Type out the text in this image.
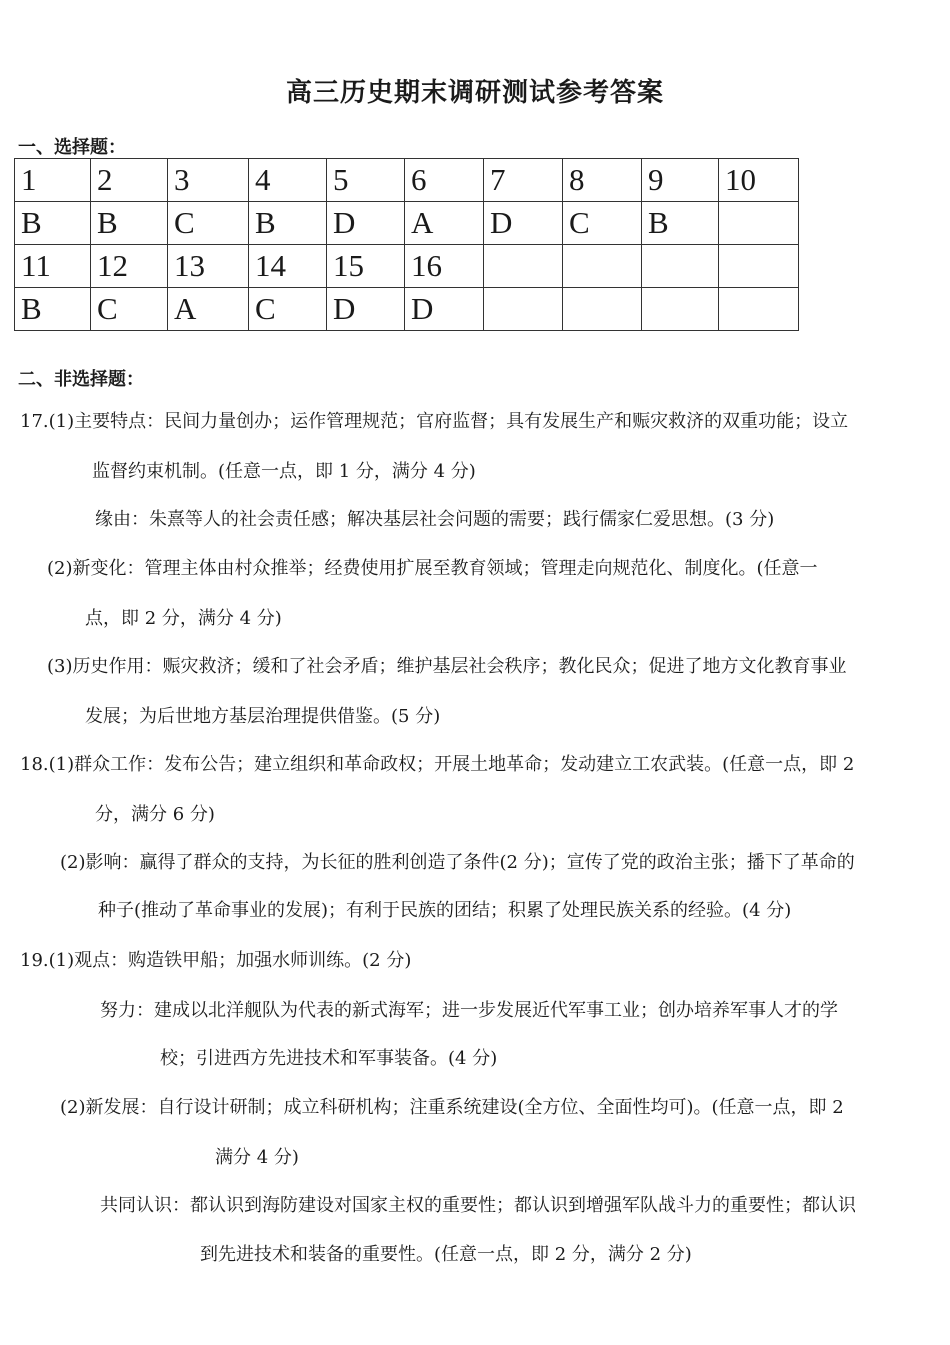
高三历史期末调研测试参考答案
一、选择题：
1	2	3	4	5	6	7	8	9	10
B	B	C	B	D	A	D	C	B	
11	12	13	14	15	16				
B	C	A	C	D	D				
二、非选择题：
17.(1)主要特点：民间力量创办；运作管理规范；官府监督；具有发展生产和赈灾救济的双重功能；设立
监督约束机制。(任意一点，即 1 分，满分 4 分)
缘由：朱熹等人的社会责任感；解决基层社会问题的需要；践行儒家仁爱思想。(3 分)
(2)新变化：管理主体由村众推举；经费使用扩展至教育领域；管理走向规范化、制度化。(任意一
点，即 2 分，满分 4 分)
(3)历史作用：赈灾救济；缓和了社会矛盾；维护基层社会秩序；教化民众；促进了地方文化教育事业
发展；为后世地方基层治理提供借鉴。(5 分)
18.(1)群众工作：发布公告；建立组织和革命政权；开展土地革命；发动建立工农武装。(任意一点，即 2
分，满分 6 分)
(2)影响：赢得了群众的支持，为长征的胜利创造了条件(2 分)；宣传了党的政治主张；播下了革命的
种子(推动了革命事业的发展)；有利于民族的团结；积累了处理民族关系的经验。(4 分)
19.(1)观点：购造铁甲船；加强水师训练。(2 分)
努力：建成以北洋舰队为代表的新式海军；进一步发展近代军事工业；创办培养军事人才的学
校；引进西方先进技术和军事装备。(4 分)
(2)新发展：自行设计研制；成立科研机构；注重系统建设(全方位、全面性均可)。(任意一点，即 2
满分 4 分)
共同认识：都认识到海防建设对国家主权的重要性；都认识到增强军队战斗力的重要性；都认识
到先进技术和装备的重要性。(任意一点，即 2 分，满分 2 分)
